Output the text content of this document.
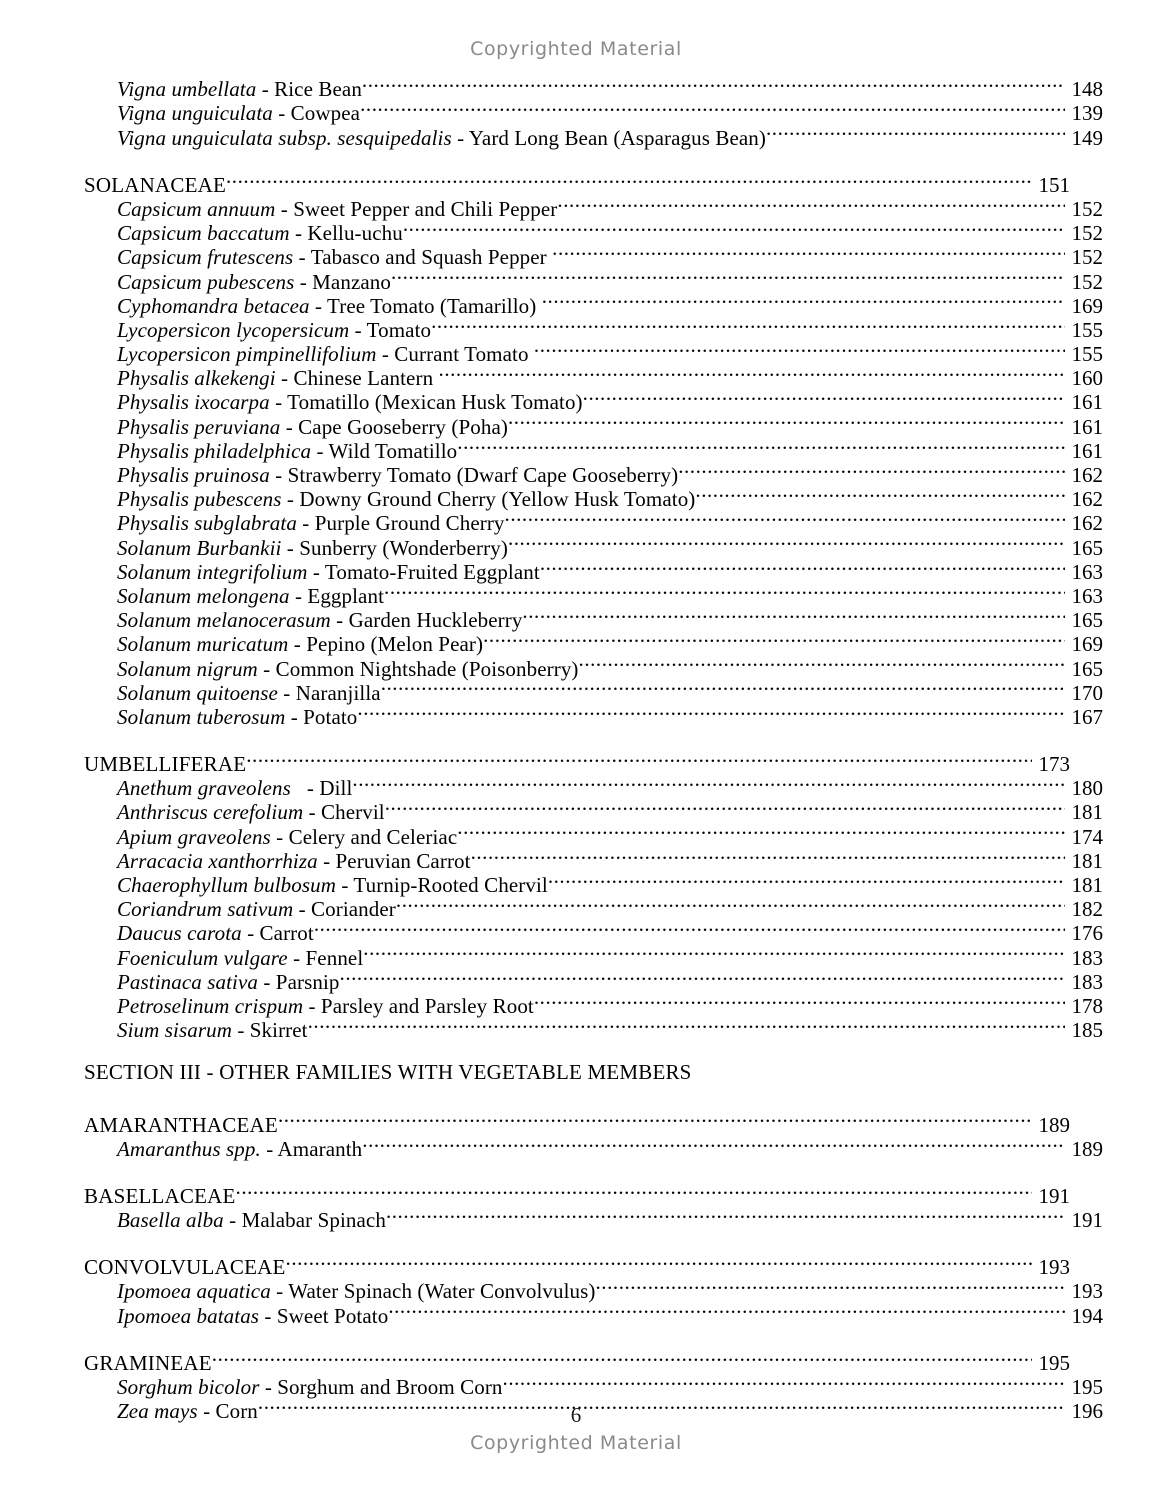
Copyrighted Material
Vigna umbellata - Rice Bean .....	148
Vigna unguiculata - Cowpea .....	139
Vigna unguiculata subsp. sesquipedalis - Yard Long Bean (Asparagus Bean) .....	149
SOLANACEAE .....	151
Capsicum annuum - Sweet Pepper and Chili Pepper .....	152
Capsicum baccatum - Kellu-uchu .....	152
Capsicum frutescens - Tabasco and Squash Pepper .....	152
Capsicum pubescens - Manzano .....	152
Cyphomandra betacea - Tree Tomato (Tamarillo) .....	169
Lycopersicon lycopersicum - Tomato .....	155
Lycopersicon pimpinellifolium - Currant Tomato .....	155
Physalis alkekengi - Chinese Lantern .....	160
Physalis ixocarpa - Tomatillo (Mexican Husk Tomato) .....	161
Physalis peruviana - Cape Gooseberry (Poha) .....	161
Physalis philadelphica - Wild Tomatillo .....	161
Physalis pruinosa - Strawberry Tomato (Dwarf Cape Gooseberry) .....	162
Physalis pubescens - Downy Ground Cherry (Yellow Husk Tomato) .....	162
Physalis subglabrata - Purple Ground Cherry .....	162
Solanum Burbankii - Sunberry (Wonderberry) .....	165
Solanum integrifolium - Tomato-Fruited Eggplant .....	163
Solanum melongena - Eggplant .....	163
Solanum melanocerasum - Garden Huckleberry .....	165
Solanum muricatum - Pepino (Melon Pear) .....	169
Solanum nigrum - Common Nightshade (Poisonberry) .....	165
Solanum quitoense - Naranjilla .....	170
Solanum tuberosum - Potato .....	167
UMBELLIFERAE .....	173
Anethum graveolens   - Dill .....	180
Anthriscus cerefolium - Chervil .....	181
Apium graveolens - Celery and Celeriac .....	174
Arracacia xanthorrhiza - Peruvian Carrot .....	181
Chaerophyllum bulbosum - Turnip-Rooted Chervil .....	181
Coriandrum sativum - Coriander .....	182
Daucus carota - Carrot .....	176
Foeniculum vulgare - Fennel .....	183
Pastinaca sativa - Parsnip .....	183
Petroselinum crispum - Parsley and Parsley Root .....	178
Sium sisarum - Skirret .....	185
SECTION III - OTHER FAMILIES WITH VEGETABLE MEMBERS
AMARANTHACEAE .....	189
Amaranthus spp. - Amaranth .....	189
BASELLACEAE .....	191
Basella alba - Malabar Spinach .....	191
CONVOLVULACEAE .....	193
Ipomoea aquatica - Water Spinach (Water Convolvulus) .....	193
Ipomoea batatas - Sweet Potato .....	194
GRAMINEAE .....	195
Sorghum bicolor - Sorghum and Broom Corn .....	195
Zea mays - Corn .....	196
6
Copyrighted Material
